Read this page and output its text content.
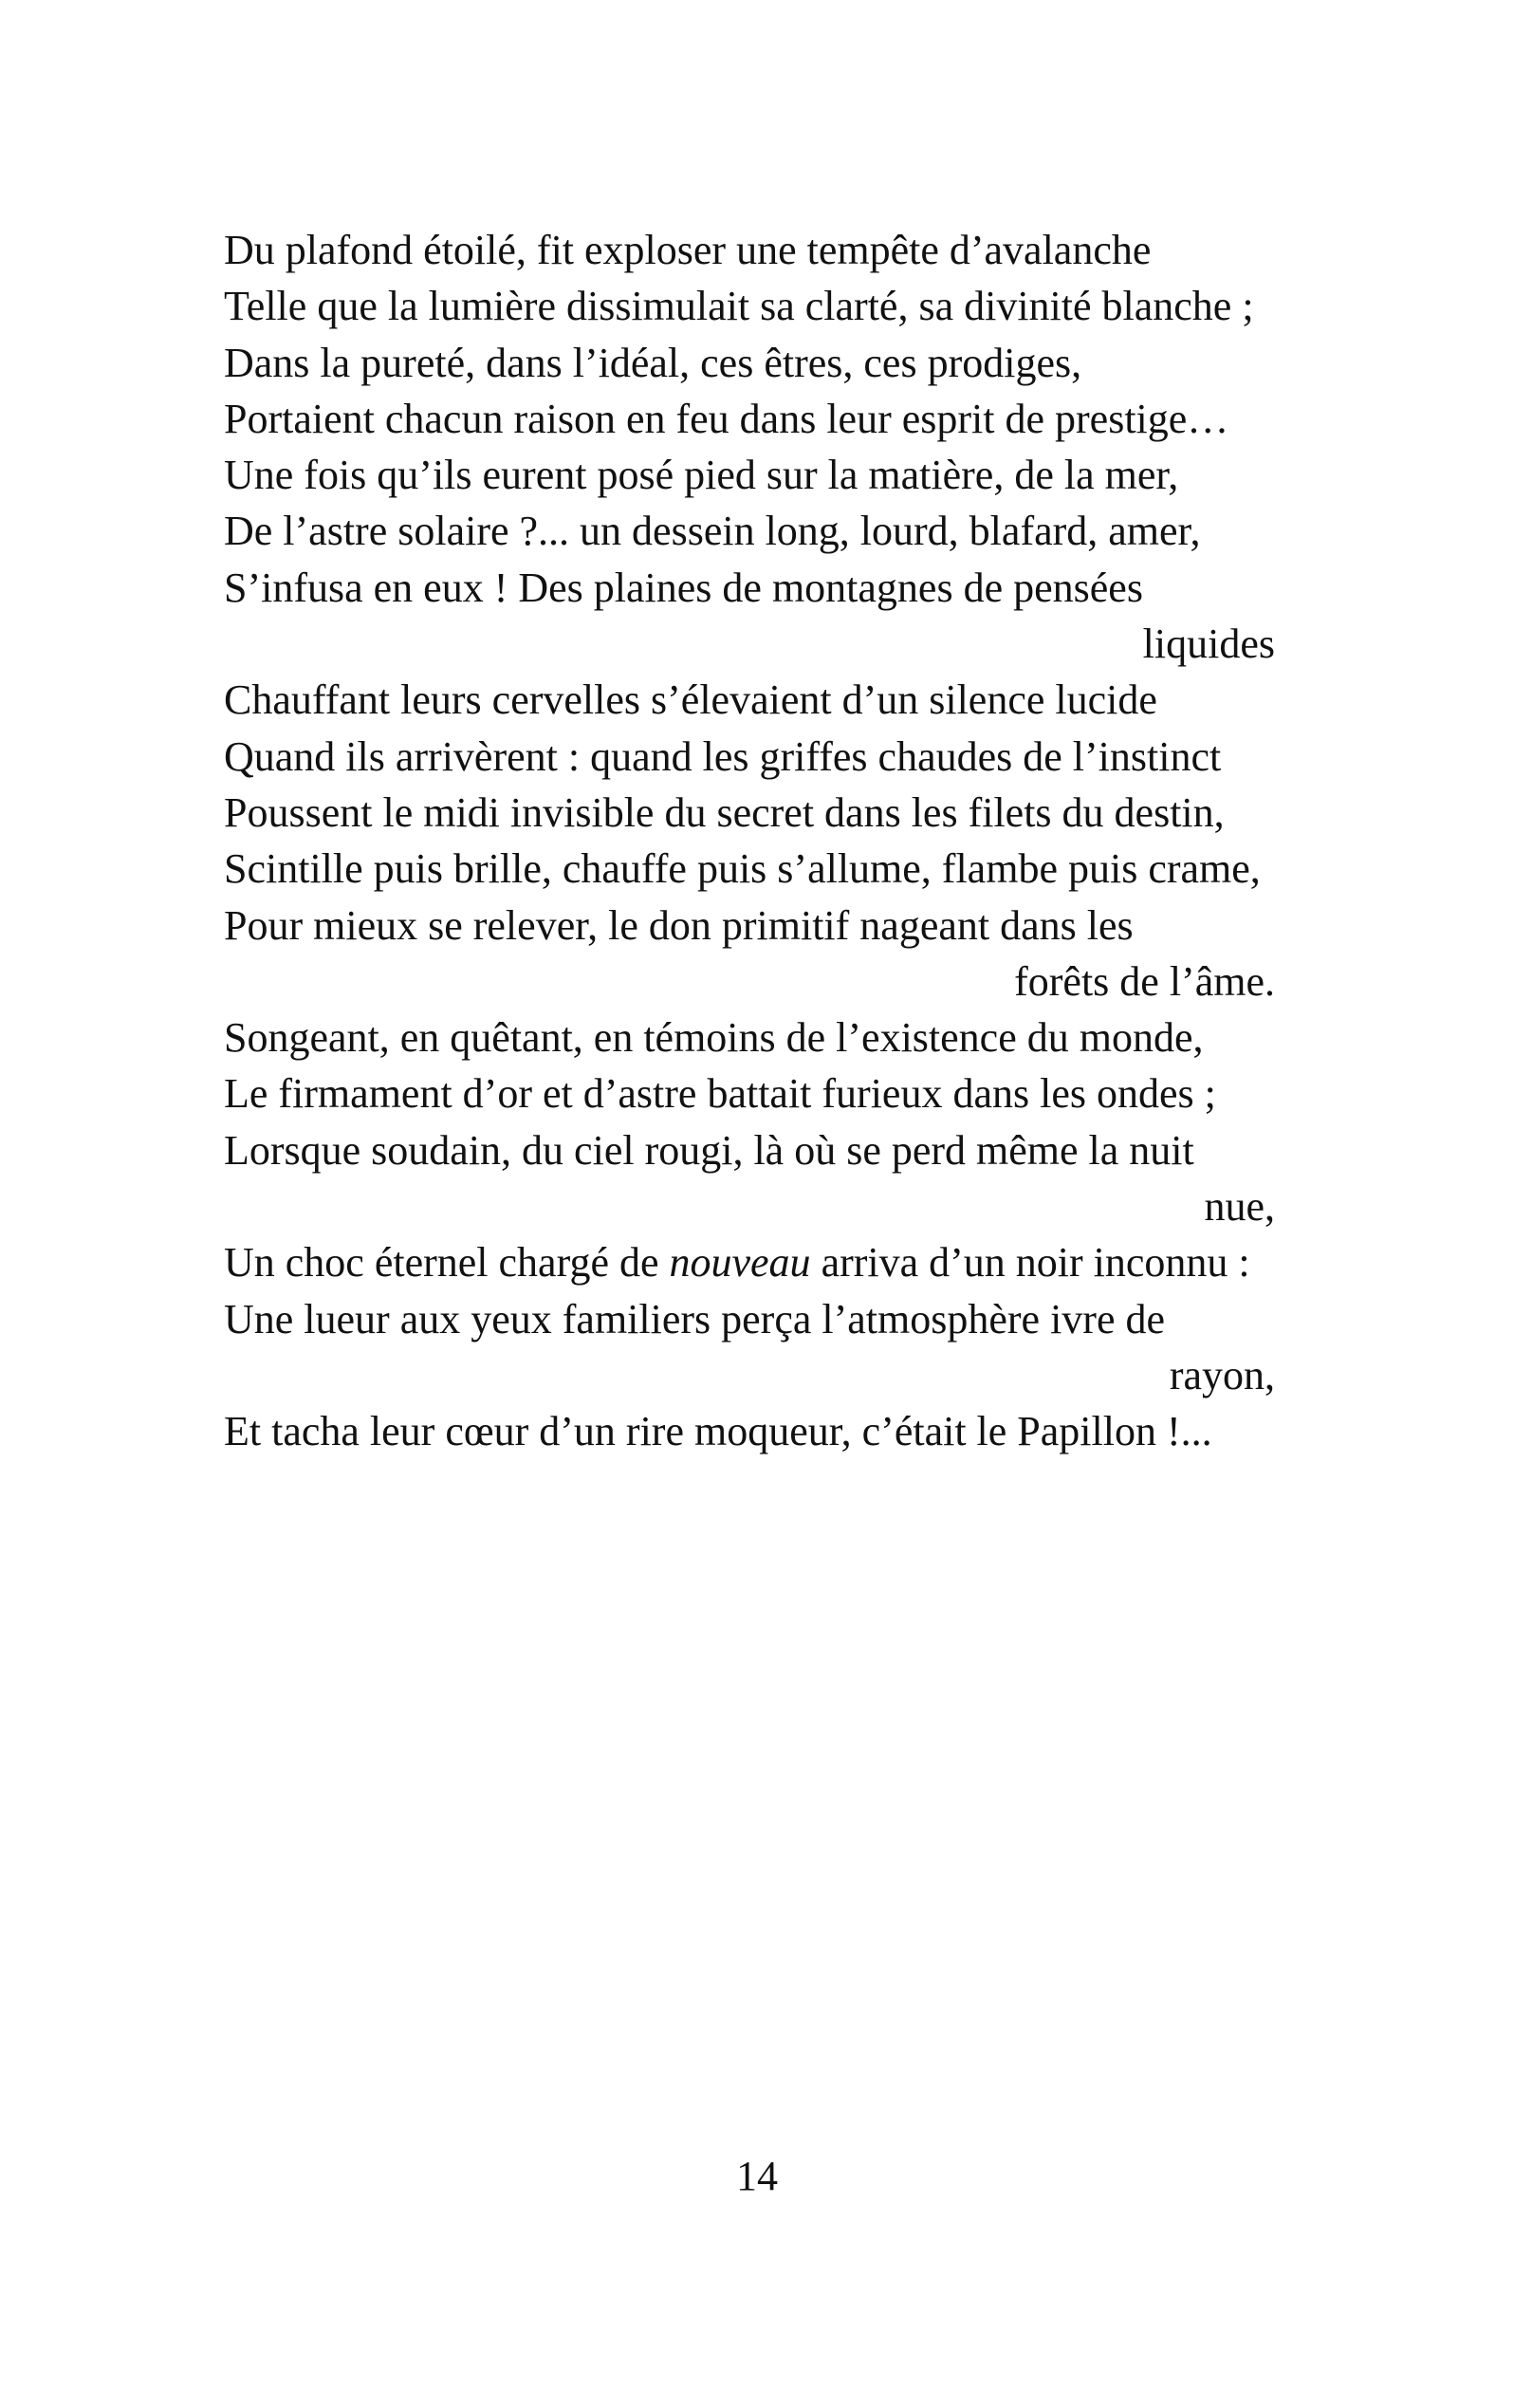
Du plafond étoilé, fit exploser une tempête d’avalanche
Telle que la lumière dissimulait sa clarté, sa divinité blanche ;
Dans la pureté, dans l’idéal, ces êtres, ces prodiges,
Portaient chacun raison en feu dans leur esprit de prestige…
Une fois qu’ils eurent posé pied sur la matière, de la mer,
De l’astre solaire ?... un dessein long, lourd, blafard, amer,
S’infusa en eux ! Des plaines de montagnes de pensées
liquides
Chauffant leurs cervelles s’élevaient d’un silence lucide
Quand ils arrivèrent : quand les griffes chaudes de l’instinct
Poussent le midi invisible du secret dans les filets du destin,
Scintille puis brille, chauffe puis s’allume, flambe puis crame,
Pour mieux se relever, le don primitif nageant dans les
forêts de l’âme.
Songeant, en quêtant, en témoins de l’existence du monde,
Le firmament d’or et d’astre battait furieux dans les ondes ;
Lorsque soudain, du ciel rougi, là où se perd même la nuit
nue,
Un choc éternel chargé de nouveau arriva d’un noir inconnu :
Une lueur aux yeux familiers perça l’atmosphère ivre de
rayon,
Et tacha leur cœur d’un rire moqueur, c’était le Papillon !...
14
